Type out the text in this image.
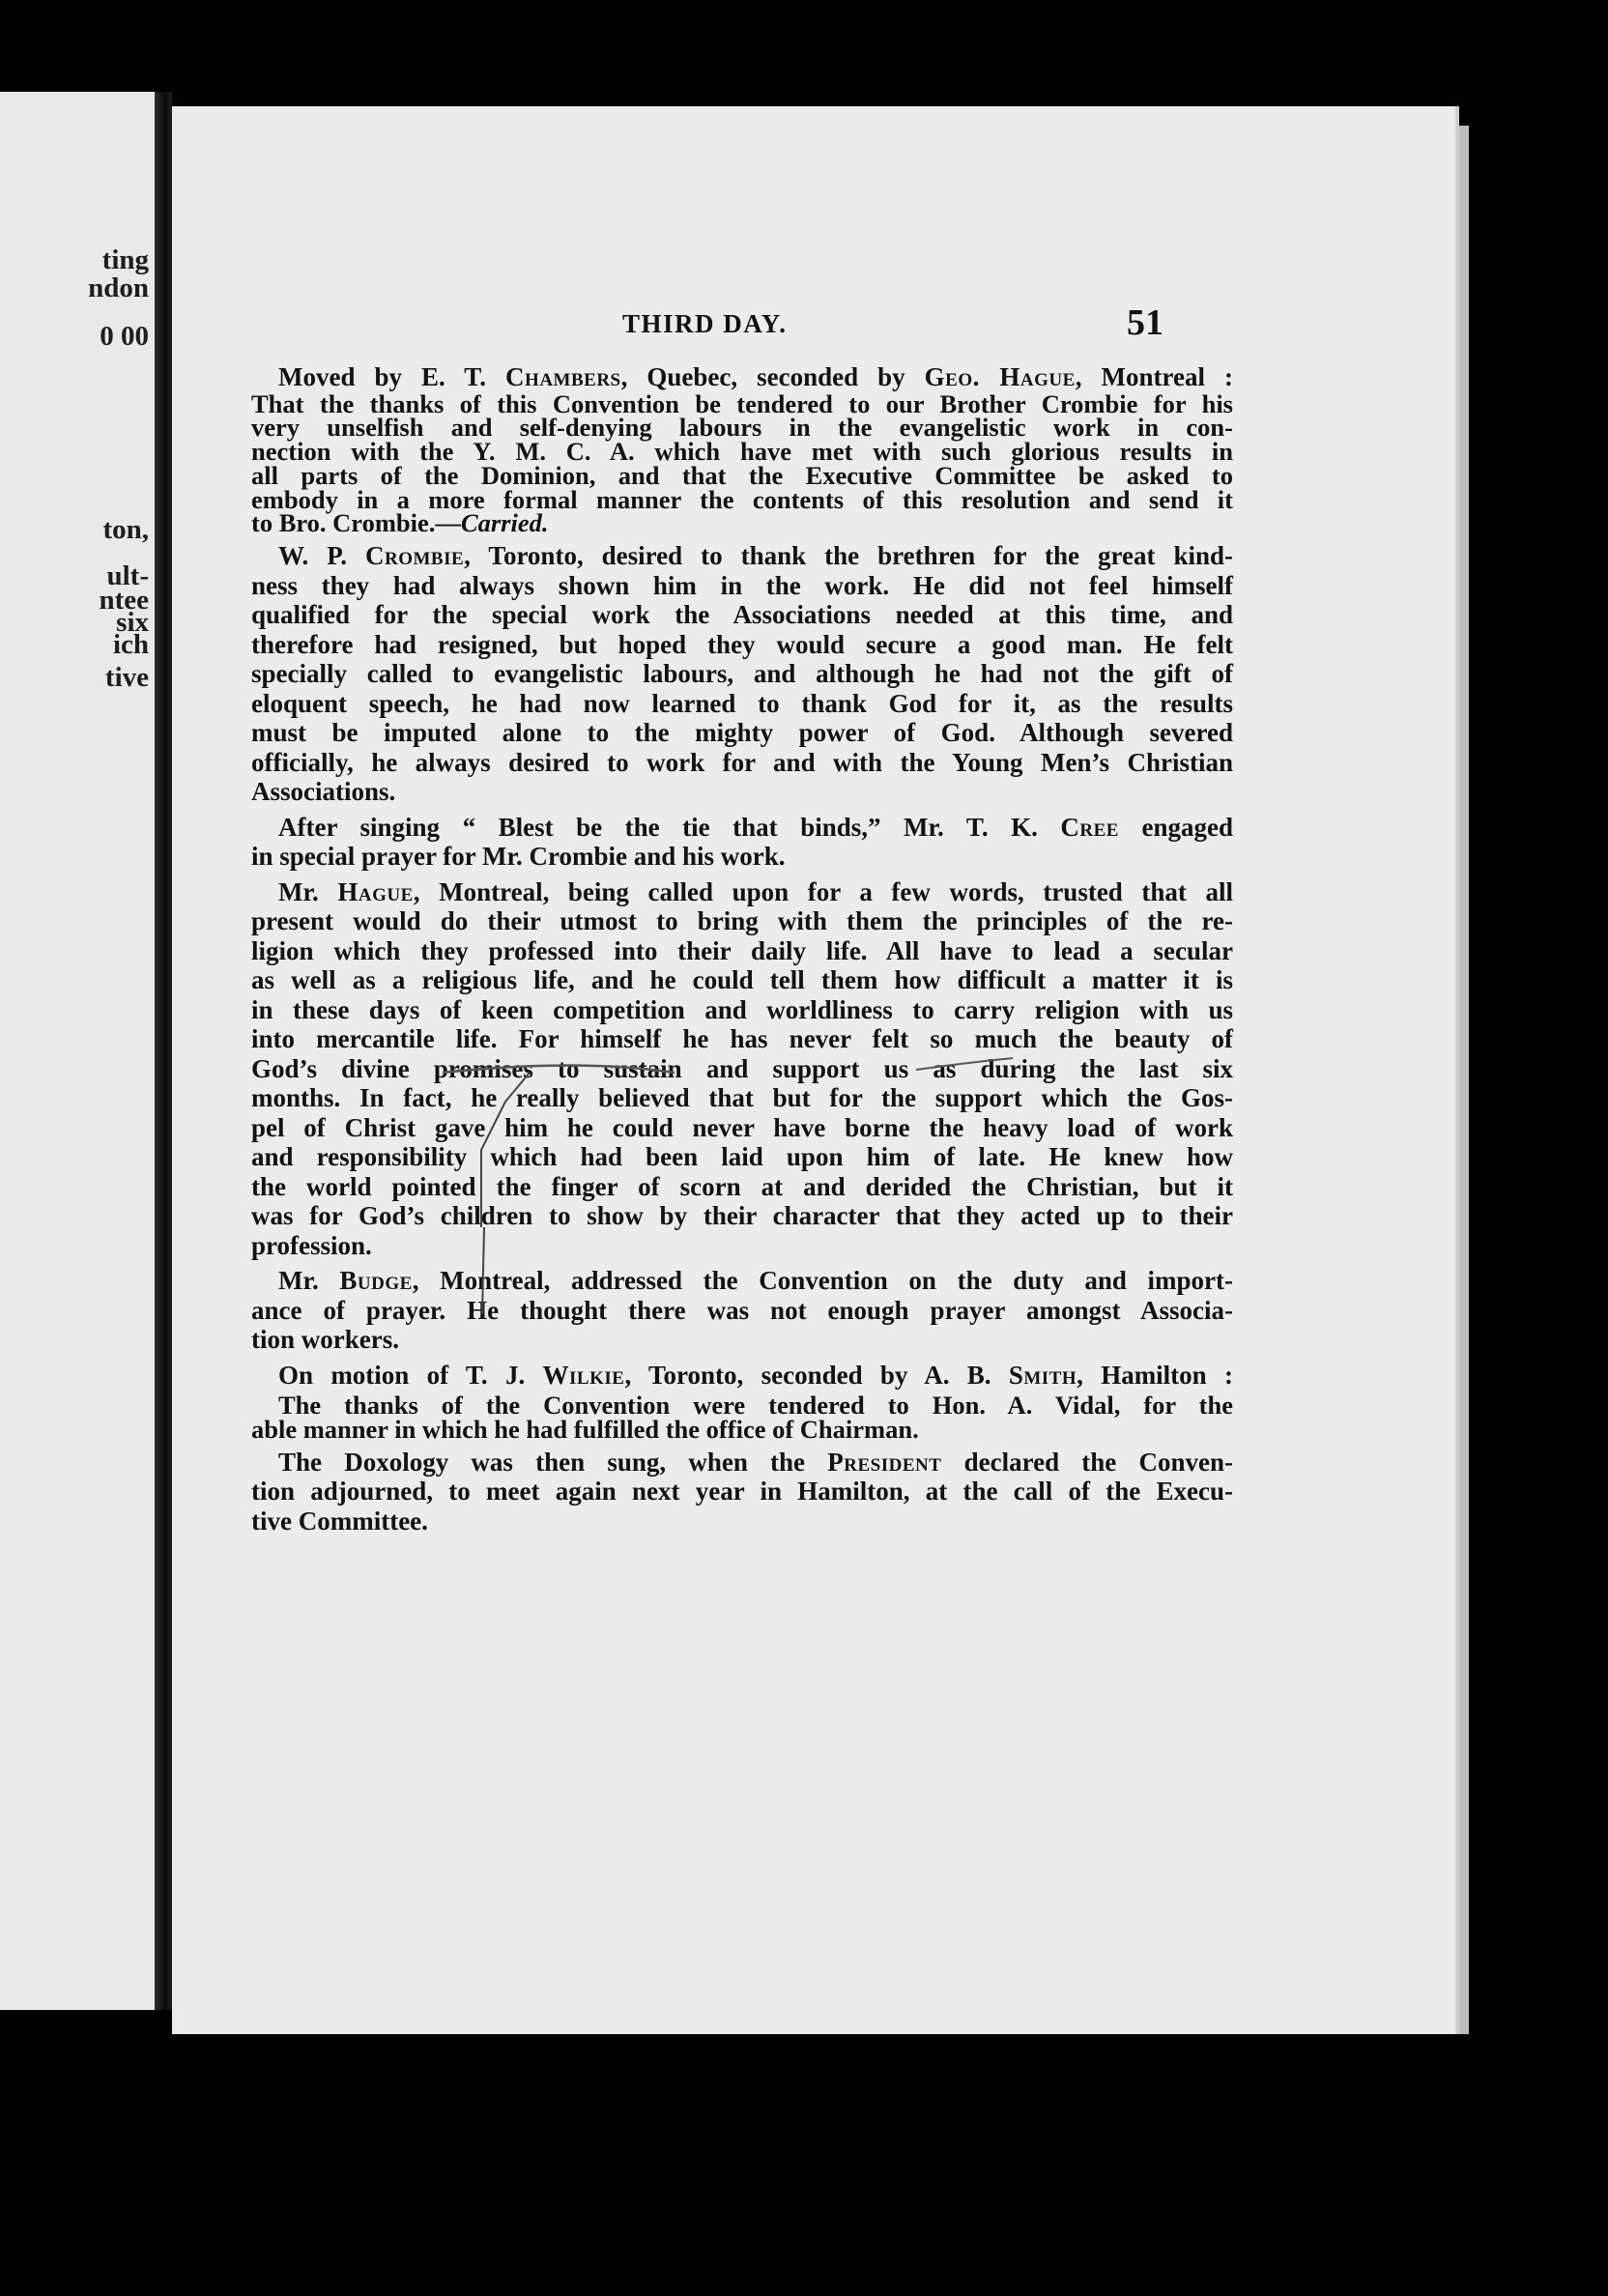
ting
ndon
0 00
ton,
ult-
ntee
six
ich
tive
THIRD DAY.	51

Moved by E. T. Chambers, Quebec, seconded by Geo. Hague, Montreal :

That the thanks of this Convention be tendered to our Brother Crombie for his
very unselfish and self-denying labours in the evangelistic work in con-
nection with the Y. M. C. A. which have met with such glorious results in
all parts of the Dominion, and that the Executive Committee be asked to
embody in a more formal manner the contents of this resolution and send it
to Bro. Crombie.—Carried.
W. P. Crombie, Toronto, desired to thank the brethren for the great kind-
ness they had always shown him in the work. He did not feel himself
qualified for the special work the Associations needed at this time, and
therefore had resigned, but hoped they would secure a good man. He felt
specially called to evangelistic labours, and although he had not the gift of
eloquent speech, he had now learned to thank God for it, as the results
must be imputed alone to the mighty power of God. Although severed
officially, he always desired to work for and with the Young Men’s Christian
Associations.
After singing “ Blest be the tie that binds,” Mr. T. K. Cree engaged
in special prayer for Mr. Crombie and his work.
Mr. Hague, Montreal, being called upon for a few words, trusted that all
present would do their utmost to bring with them the principles of the re-
ligion which they professed into their daily life. All have to lead a secular
as well as a religious life, and he could tell them how difficult a matter it is
in these days of keen competition and worldliness to carry religion with us
into mercantile life. For himself he has never felt so much the beauty of
God’s divine promises to sustain and support us as during the last six
months. In fact, he really believed that but for the support which the Gos-
pel of Christ gave him he could never have borne the heavy load of work
and responsibility which had been laid upon him of late. He knew how
the world pointed the finger of scorn at and derided the Christian, but it
was for God’s children to show by their character that they acted up to their
profession.
Mr. Budge, Montreal, addressed the Convention on the duty and import-
ance of prayer. He thought there was not enough prayer amongst Associa-
tion workers.
On motion of T. J. Wilkie, Toronto, seconded by A. B. Smith, Hamilton :
The thanks of the Convention were tendered to Hon. A. Vidal, for the
able manner in which he had fulfilled the office of Chairman.
The Doxology was then sung, when the President declared the Conven-
tion adjourned, to meet again next year in Hamilton, at the call of the Execu-
tive Committee.
